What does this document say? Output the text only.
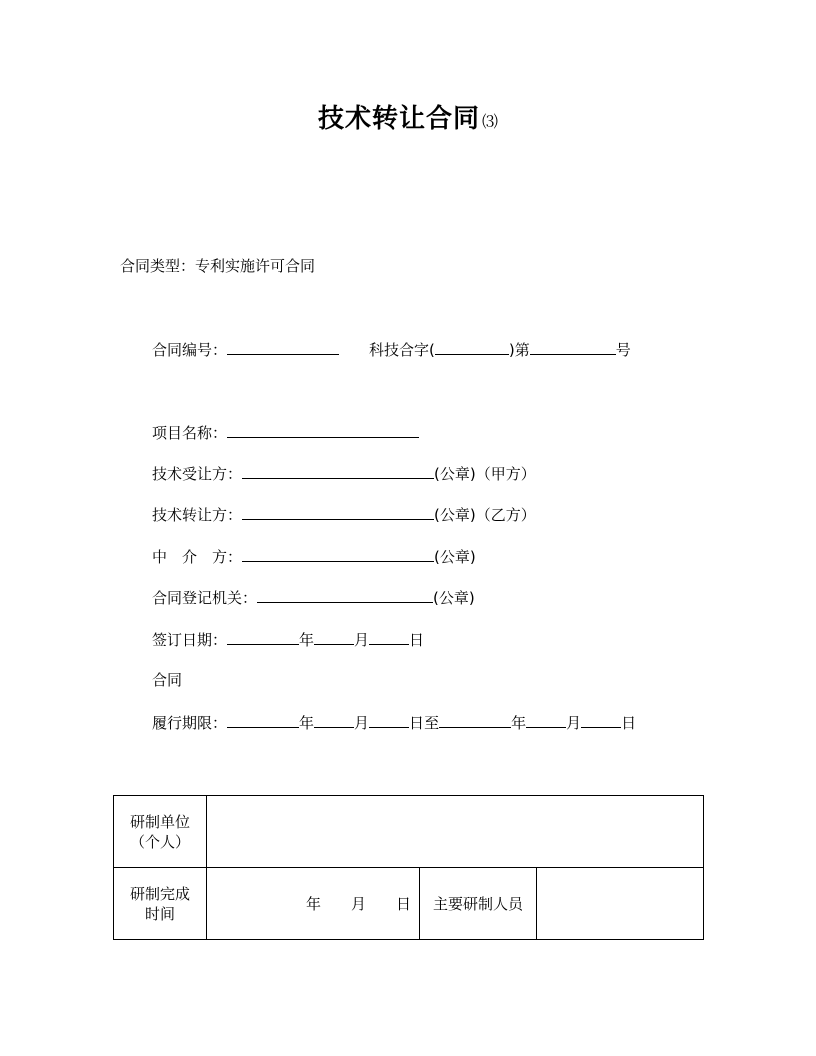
技术转让合同 ⑶
合同类型：专利实施许可合同
合同编号：	科技合字(	)第	号
项目名称：
技术受让方：	(公章)（甲方）
技术转让方：	(公章)（乙方）
中　介　方：	(公章)
合同登记机关：	(公章)
签订日期：	年	月	日
合同
履行期限：	年	月	日至	年	月	日
研制单位
（个人）			

研制完成
时间	年　　月　　日	主要研制人员	
